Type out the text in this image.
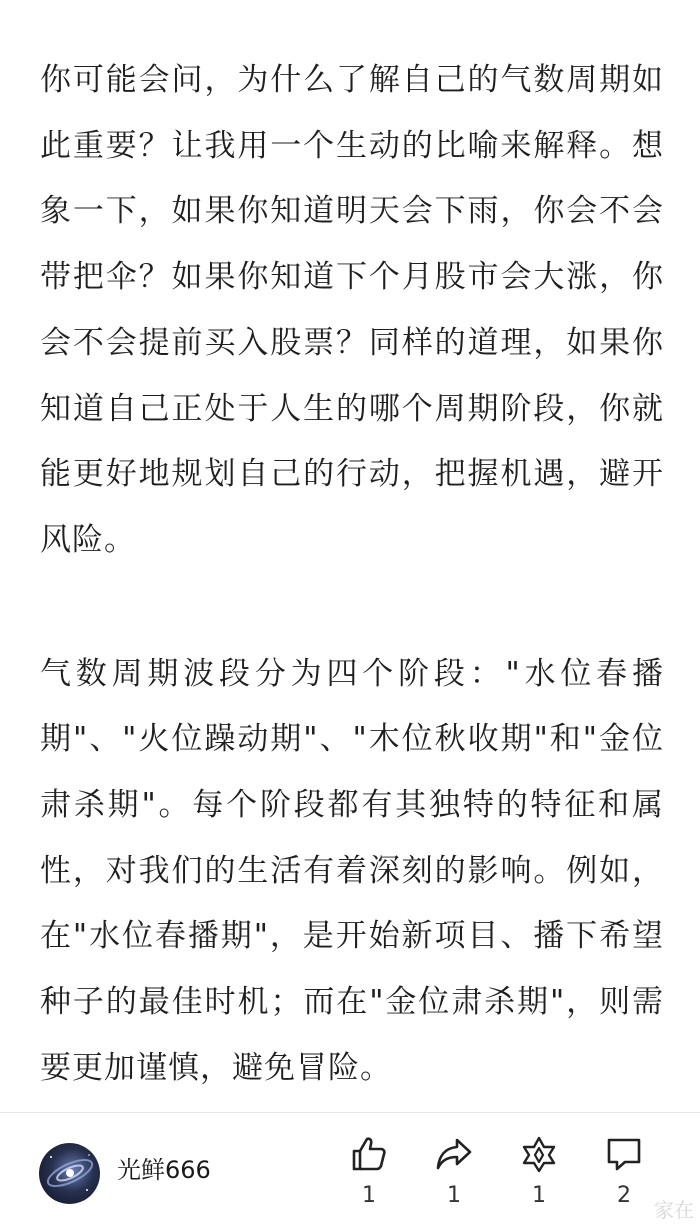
你可能会问，为什么了解自己的气数周期如此重要？让我用一个生动的比喻来解释。想象一下，如果你知道明天会下雨，你会不会带把伞？如果你知道下个月股市会大涨，你会不会提前买入股票？同样的道理，如果你知道自己正处于人生的哪个周期阶段，你就能更好地规划自己的行动，把握机遇，避开风险。

气数周期波段分为四个阶段："水位春播期"、"火位躁动期"、"木位秋收期"和"金位肃杀期"。每个阶段都有其独特的特征和属性，对我们的生活有着深刻的影响。例如，在"水位春播期"，是开始新项目、播下希望种子的最佳时机；而在"金位肃杀期"，则需要更加谨慎，避免冒险。

光鲜666
1	1	1	2
家在
